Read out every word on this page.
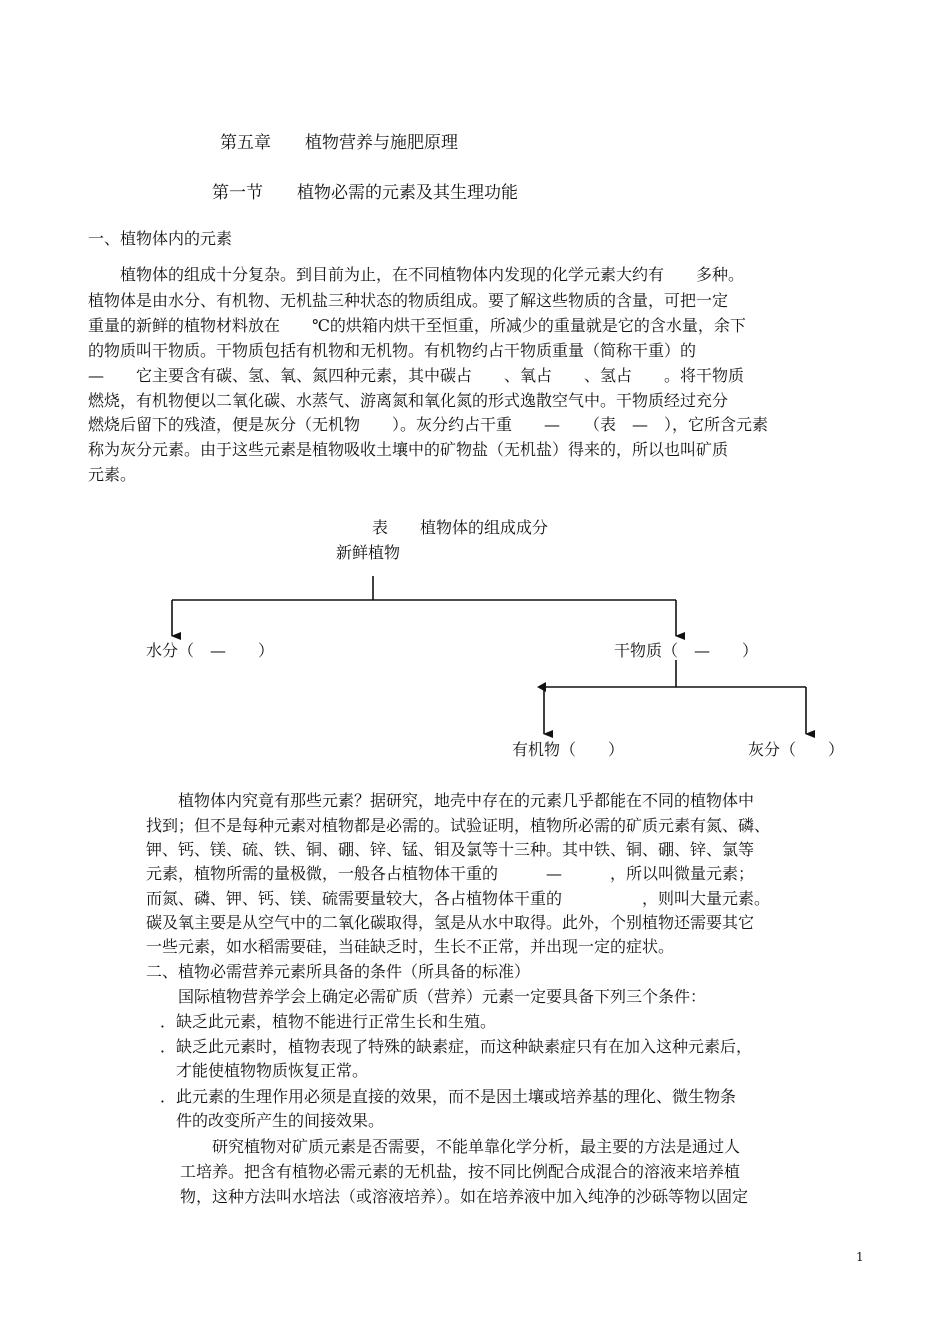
第五章　　植物营养与施肥原理
第一节　　植物必需的元素及其生理功能
一、植物体内的元素
　　植物体的组成十分复杂。到目前为止，在不同植物体内发现的化学元素大约有　　多种。
植物体是由水分、有机物、无机盐三种状态的物质组成。要了解这些物质的含量，可把一定
重量的新鲜的植物材料放在　　℃的烘箱内烘干至恒重，所减少的重量就是它的含水量，余下
的物质叫干物质。干物质包括有机物和无机物。有机物约占干物质重量（简称干重）的
—　　它主要含有碳、氢、氧、氮四种元素，其中碳占　　、氧占　　、氢占　　。将干物质
燃烧，有机物便以二氧化碳、水蒸气、游离氮和氧化氮的形式逸散空气中。干物质经过充分
燃烧后留下的残渣，便是灰分（无机物　　）。灰分约占干重　　—　　（表　—　），它所含元素
称为灰分元素。由于这些元素是植物吸收土壤中的矿物盐（无机盐）得来的，所以也叫矿质
元素。
表　　植物体的组成成分
新鲜植物
水分（　—　　）	干物质（　—　　）
有机物（　　）	灰分（　　）
　　植物体内究竟有那些元素？据研究，地壳中存在的元素几乎都能在不同的植物体中
找到；但不是每种元素对植物都是必需的。试验证明，植物所必需的矿质元素有氮、磷、
钾、钙、镁、硫、铁、铜、硼、锌、锰、钼及氯等十三种。其中铁、铜、硼、锌、氯等
元素，植物所需的量极微，一般各占植物体干重的　　　—　　　，所以叫微量元素；
而氮、磷、钾、钙、镁、硫需要量较大，各占植物体干重的　　　　　，则叫大量元素。
碳及氧主要是从空气中的二氧化碳取得，氢是从水中取得。此外，个别植物还需要其它
一些元素，如水稻需要硅，当硅缺乏时，生长不正常，并出现一定的症状。
二、植物必需营养元素所具备的条件（所具备的标准）
　　国际植物营养学会上确定必需矿质（营养）元素一定要具备下列三个条件：
．缺乏此元素，植物不能进行正常生长和生殖。
．缺乏此元素时，植物表现了特殊的缺素症，而这种缺素症只有在加入这种元素后，
　才能使植物物质恢复正常。
．此元素的生理作用必须是直接的效果，而不是因土壤或培养基的理化、微生物条
　件的改变所产生的间接效果。
　　　研究植物对矿质元素是否需要，不能单靠化学分析，最主要的方法是通过人
　工培养。把含有植物必需元素的无机盐，按不同比例配合成混合的溶液来培养植
　物，这种方法叫水培法（或溶液培养）。如在培养液中加入纯净的沙砾等物以固定
1
